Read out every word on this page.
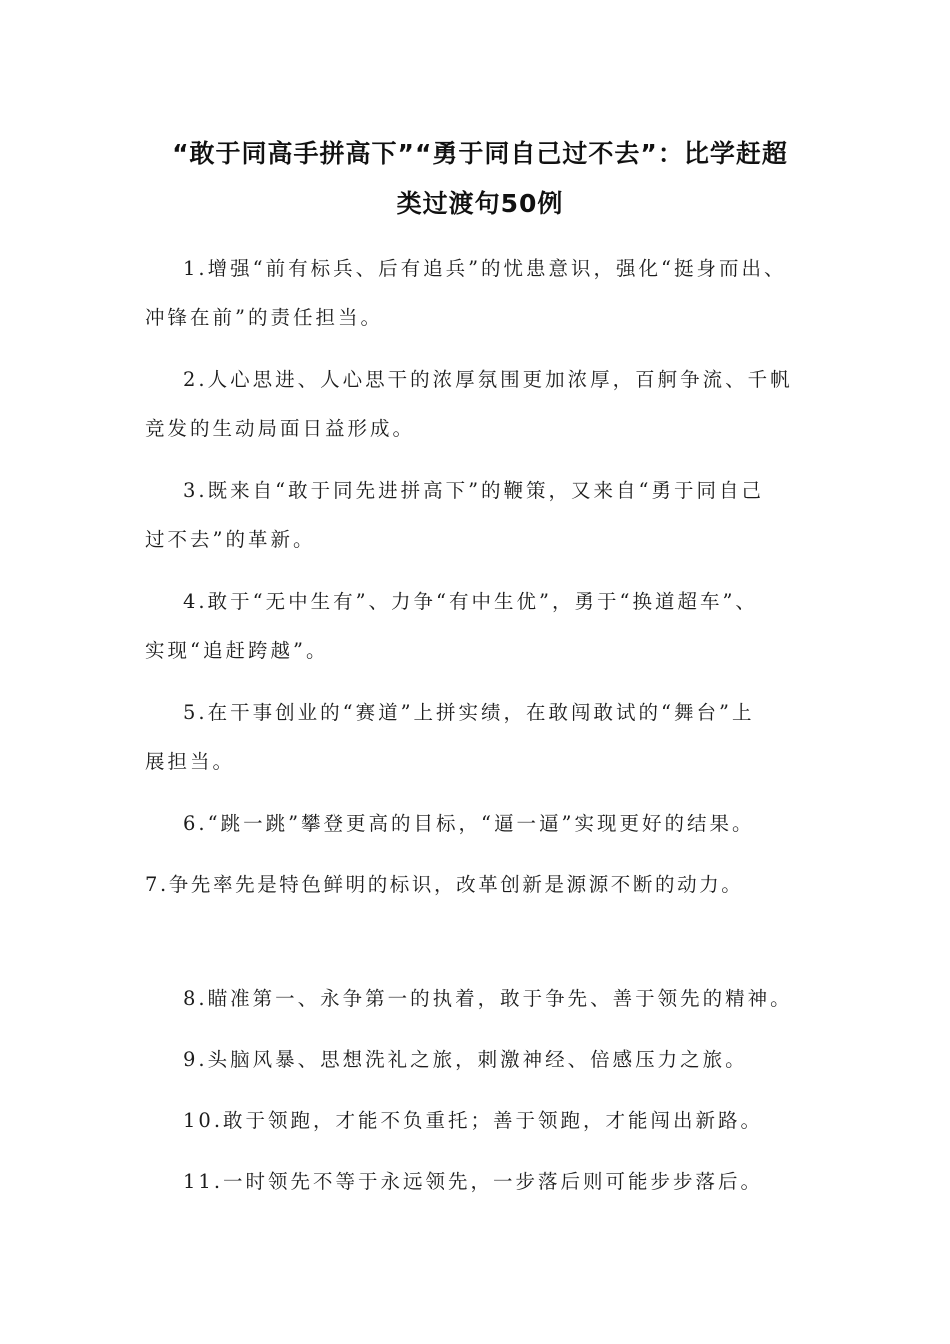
“敢于同高手拼高下”“勇于同自己过不去”：比学赶超
类过渡句50例
1.增强“前有标兵、后有追兵”的忧患意识，强化“挺身而出、
冲锋在前”的责任担当。
2.人心思进、人心思干的浓厚氛围更加浓厚，百舸争流、千帆
竞发的生动局面日益形成。
3.既来自“敢于同先进拼高下”的鞭策，又来自“勇于同自己
过不去”的革新。
4.敢于“无中生有”、力争“有中生优”，勇于“换道超车”、
实现“追赶跨越”。
5.在干事创业的“赛道”上拼实绩，在敢闯敢试的“舞台”上
展担当。
6.“跳一跳”攀登更高的目标，“逼一逼”实现更好的结果。
7.争先率先是特色鲜明的标识，改革创新是源源不断的动力。
8.瞄准第一、永争第一的执着，敢于争先、善于领先的精神。
9.头脑风暴、思想洗礼之旅，刺激神经、倍感压力之旅。
10.敢于领跑，才能不负重托；善于领跑，才能闯出新路。
11.一时领先不等于永远领先，一步落后则可能步步落后。
